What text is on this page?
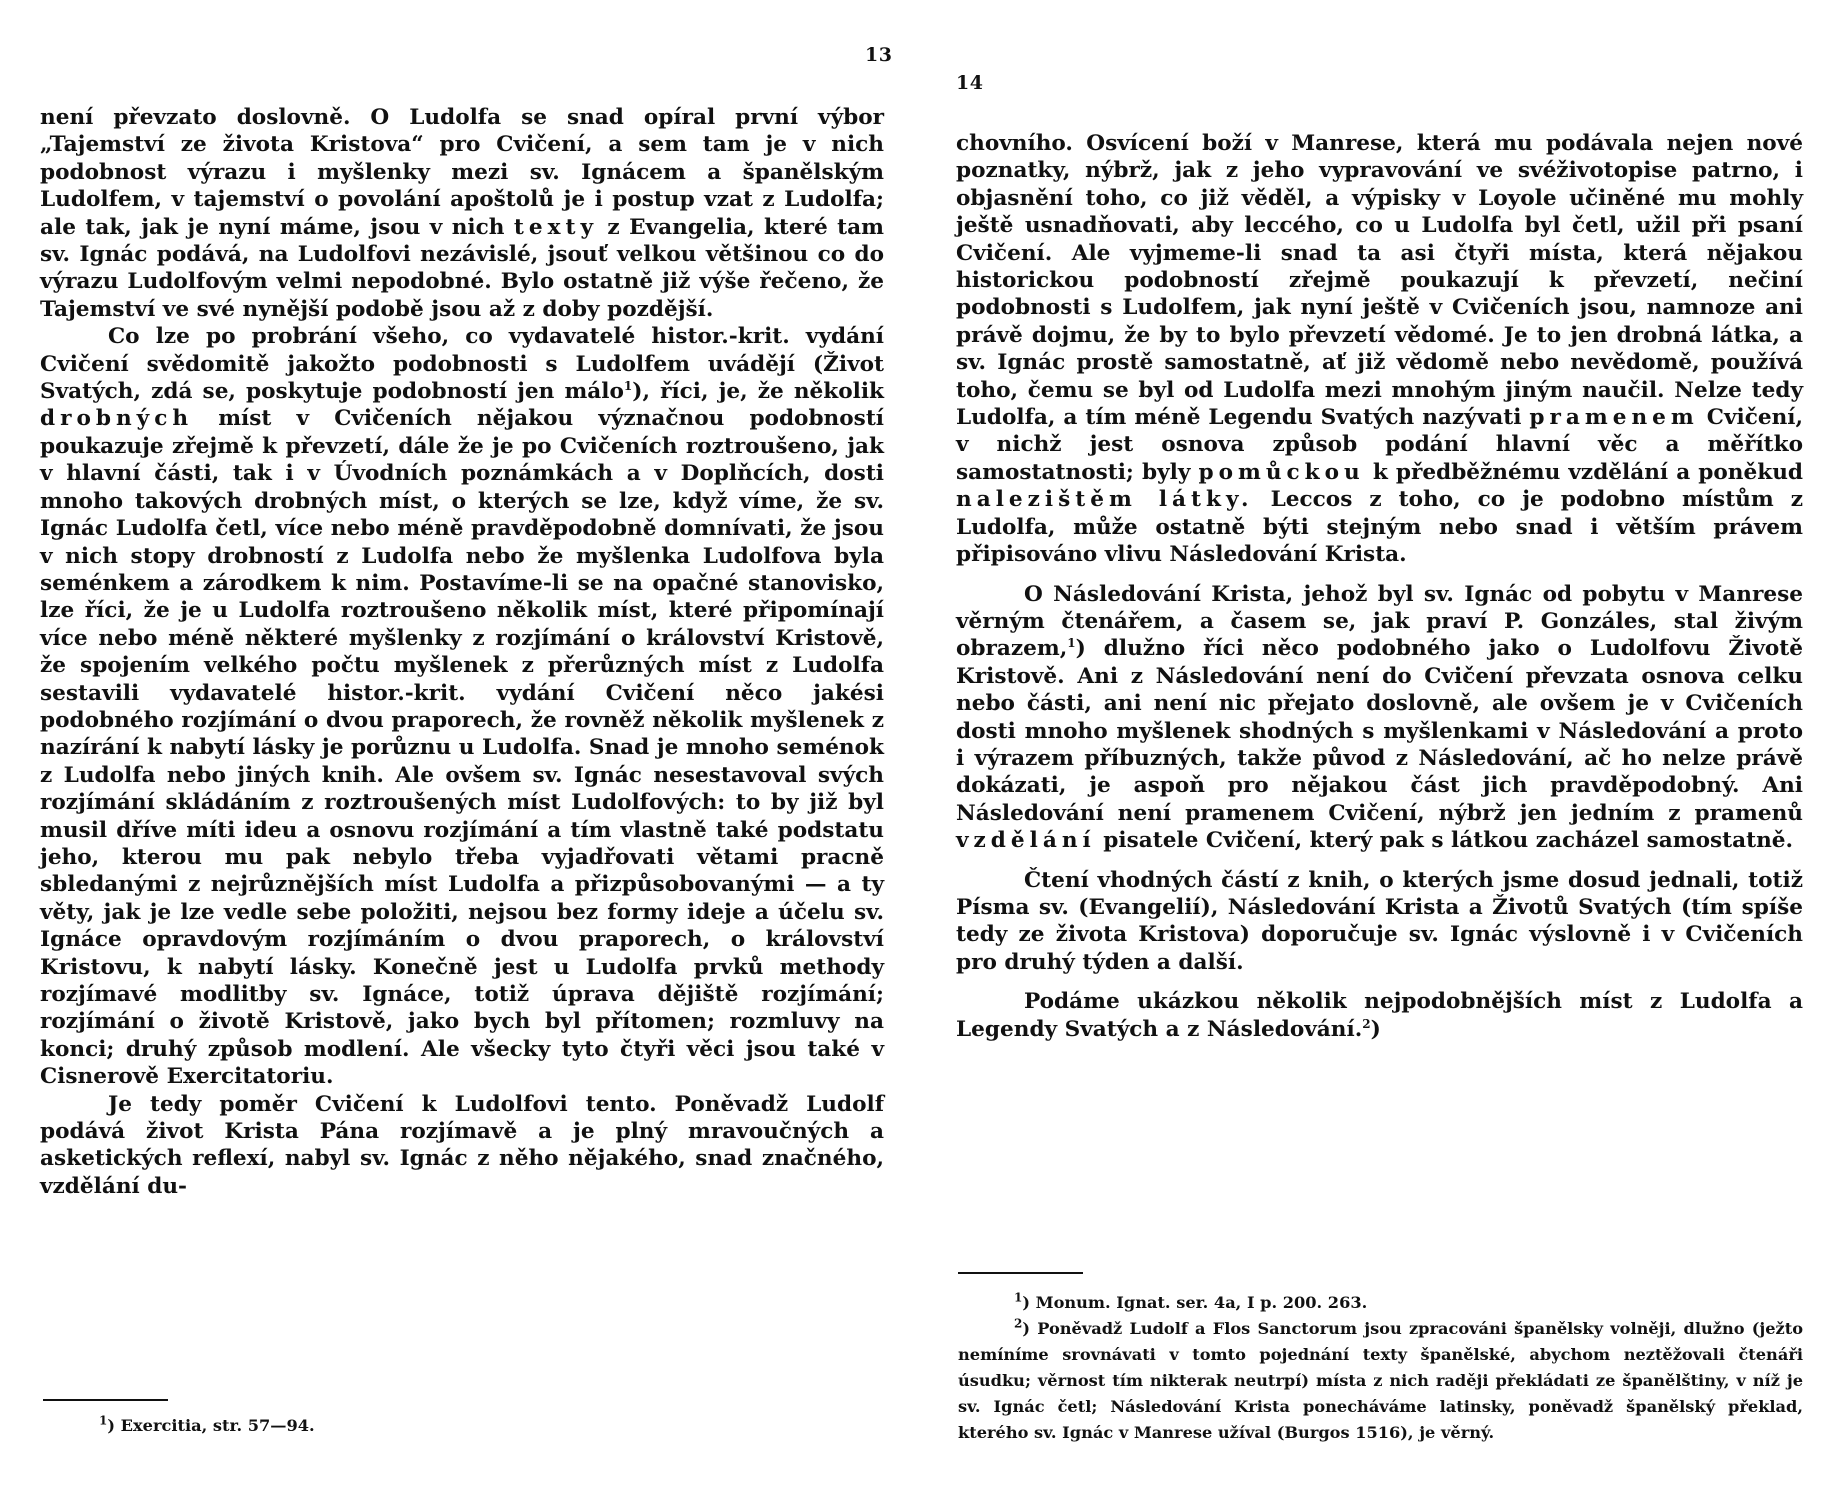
13

není převzato doslovně. O Ludolfa se snad opíral první výbor „Tajemství ze života Kristova“ pro Cvičení, a sem tam je v nich podobnost výrazu i myšlenky mezi sv. Ignácem a španělským Ludolfem, v tajemství o povolání apoštolů je i postup vzat z Ludolfa; ale tak, jak je nyní máme, jsou v nich texty z Evangelia, které tam sv. Ignác podává, na Ludolfovi nezávislé, jsouť velkou většinou co do výrazu Ludolfovým velmi nepodobné. Bylo ostatně již výše řečeno, že Tajemství ve své nynější podobě jsou až z doby pozdější.

Co lze po probrání všeho, co vydavatelé histor.-krit. vydání Cvičení svědomitě jakožto podobnosti s Ludolfem uvádějí (Život Svatých, zdá se, poskytuje podobností jen málo$^1$), říci, je, že několik drobných míst v Cvičeních nějakou význačnou podobností poukazuje zřejmě k převzetí, dále že je po Cvičeních roztroušeno, jak v hlavní části, tak i v Úvodních poznámkách a v Doplňcích, dosti mnoho takových drobných míst, o kterých se lze, když víme, že sv. Ignác Ludolfa četl, více nebo méně pravděpodobně domnívati, že jsou v nich stopy drobností z Ludolfa nebo že myšlenka Ludolfova byla seménkem a zárodkem k nim. Postavíme-li se na opačné stanovisko, lze říci, že je u Ludolfa roztroušeno několik míst, které připomínají více nebo méně některé myšlenky z rozjímání o království Kristově, že spojením velkého počtu myšlenek z přerůzných míst z Ludolfa sestavili vydavatelé histor.-krit. vydání Cvičení něco jakési podobného rozjímání o dvou praporech, že rovněž několik myšlenek z nazírání k nabytí lásky je porůznu u Ludolfa. Snad je mnoho seménok z Ludolfa nebo jiných knih. Ale ovšem sv. Ignác nesestavoval svých rozjímání skládáním z roztroušených míst Ludolfových: to by již byl musil dříve míti ideu a osnovu rozjímání a tím vlastně také podstatu jeho, kterou mu pak nebylo třeba vyjadřovati větami pracně sbledanými z nejrůznějších míst Ludolfa a přizpůsobovanými — a ty věty, jak je lze vedle sebe položiti, nejsou bez formy ideje a účelu sv. Ignáce opravdovým rozjímáním o dvou praporech, o království Kristovu, k nabytí lásky. Konečně jest u Ludolfa prvků methody rozjímavé modlitby sv. Ignáce, totiž úprava dějiště rozjímání; rozjímání o životě Kristově, jako bych byl přítomen; rozmluvy na konci; druhý způsob modlení. Ale všecky tyto čtyři věci jsou také v Cisnerově Exercitatoriu.

Je tedy poměr Cvičení k Ludolfovi tento. Poněvadž Ludolf podává život Krista Pána rozjímavě a je plný mravoučných a asketických reflexí, nabyl sv. Ignác z něho nějakého, snad značného, vzdělání du-

$^1$) Exercitia, str. 57—94.

14

chovního. Osvícení boží v Manrese, která mu podávala nejen nové poznatky, nýbrž, jak z jeho vypravování ve svéživotopise patrno, i objasnění toho, co již věděl, a výpisky v Loyole učiněné mu mohly ještě usnadňovati, aby leccého, co u Ludolfa byl četl, užil při psaní Cvičení. Ale vyjmeme-li snad ta asi čtyři místa, která nějakou historickou podobností zřejmě poukazují k převzetí, nečiní podobnosti s Ludolfem, jak nyní ještě v Cvičeních jsou, namnoze ani právě dojmu, že by to bylo převzetí vědomé. Je to jen drobná látka, a sv. Ignác prostě samostatně, ať již vědomě nebo nevědomě, používá toho, čemu se byl od Ludolfa mezi mnohým jiným naučil. Nelze tedy Ludolfa, a tím méně Legendu Svatých nazývati pramenem Cvičení, v nichž jest osnova způsob podání hlavní věc a měřítko samostatnosti; byly pomůckou k předběžnému vzdělání a poněkud nalezištěm látky. Leccos z toho, co je podobno místům z Ludolfa, může ostatně býti stejným nebo snad i větším právem připisováno vlivu Následování Krista.

O Následování Krista, jehož byl sv. Ignác od pobytu v Manrese věrným čtenářem, a časem se, jak praví P. Gonzáles, stal živým obrazem,$^1$) dlužno říci něco podobného jako o Ludolfovu Životě Kristově. Ani z Následování není do Cvičení převzata osnova celku nebo části, ani není nic přejato doslovně, ale ovšem je v Cvičeních dosti mnoho myšlenek shodných s myšlenkami v Následování a proto i výrazem příbuzných, takže původ z Následování, ač ho nelze právě dokázati, je aspoň pro nějakou část jich pravděpodobný. Ani Následování není pramenem Cvičení, nýbrž jen jedním z pramenů vzdělání pisatele Cvičení, který pak s látkou zacházel samostatně.

Čtení vhodných částí z knih, o kterých jsme dosud jednali, totiž Písma sv. (Evangelií), Následování Krista a Životů Svatých (tím spíše tedy ze života Kristova) doporučuje sv. Ignác výslovně i v Cvičeních pro druhý týden a další.

Podáme ukázkou několik nejpodobnějších míst z Ludolfa a Legendy Svatých a z Následování.$^2$)

$^1$) Monum. Ignat. ser. 4a, I p. 200. 263.

$^2$) Poněvadž Ludolf a Flos Sanctorum jsou zpracováni španělsky volněji, dlužno (ježto nemíníme srovnávati v tomto pojednání texty španělské, abychom neztěžovali čtenáři úsudku; věrnost tím nikterak neutrpí) místa z nich raději překládati ze španělštiny, v níž je sv. Ignác četl; Následování Krista ponecháváme latinsky, poněvadž španělský překlad, kterého sv. Ignác v Manrese užíval (Burgos 1516), je věrný.
